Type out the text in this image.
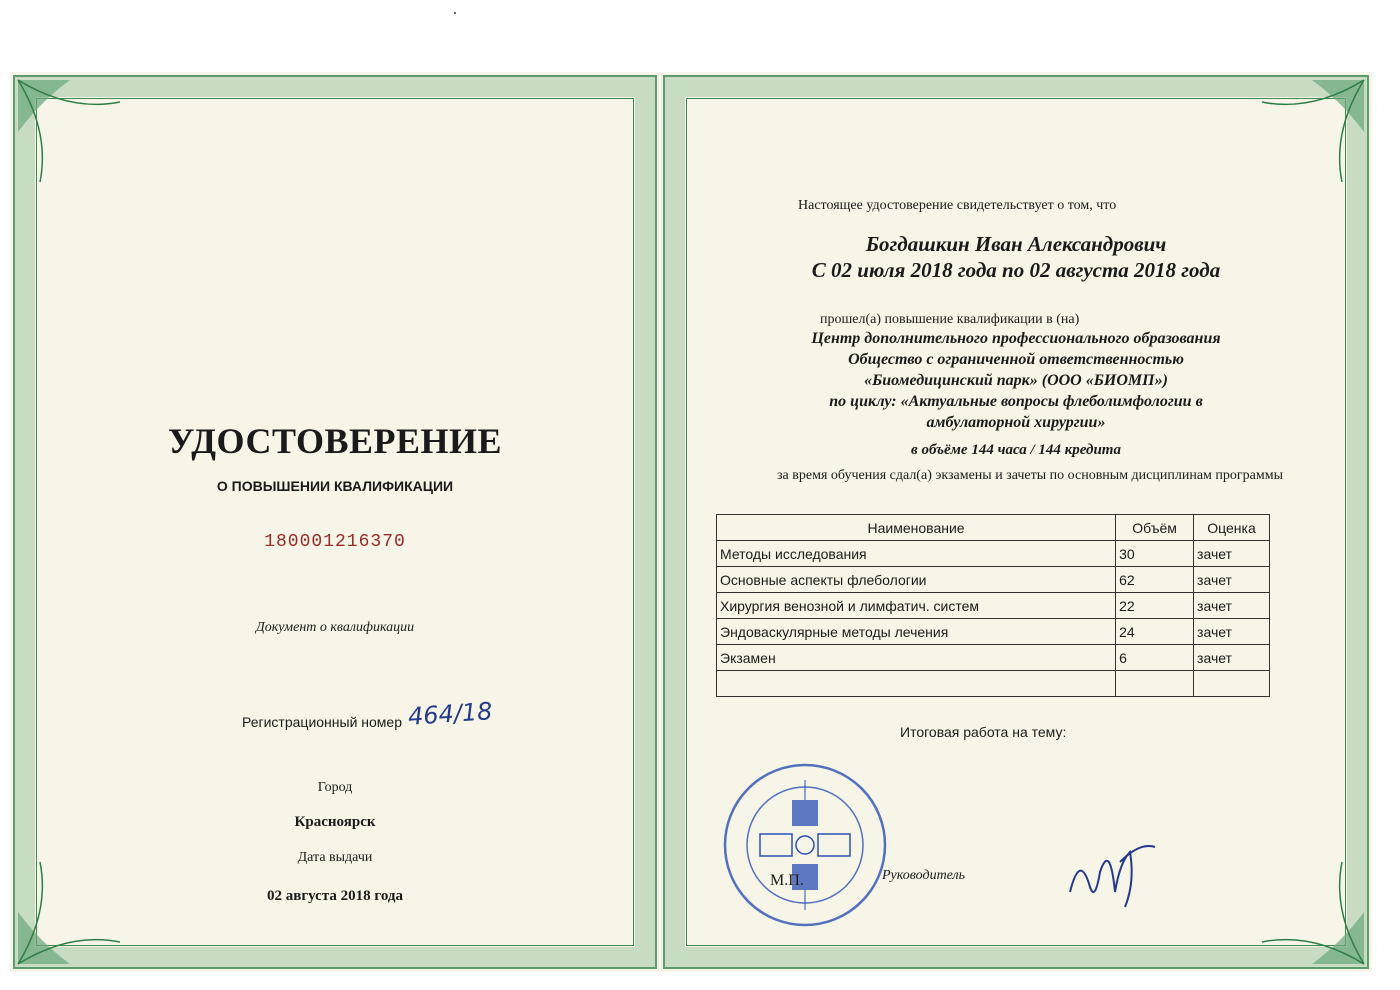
УДОСТОВЕРЕНИЕ
О ПОВЫШЕНИИ КВАЛИФИКАЦИИ
180001216370
Документ о квалификации
Регистрационный номер 464/18
Город
Красноярск
Дата выдачи
02 августа 2018 года
Настоящее удостоверение свидетельствует о том, что
Богдашкин Иван Александрович
С 02 июля 2018 года по 02 августа 2018 года
прошел(а) повышение квалификации в (на)
Центр дополнительного профессионального образования
Общество с ограниченной ответственностью
«Биомедицинский парк» (ООО «БИОМП»)
по циклу: «Актуальные вопросы флеболимфологии в
амбулаторной хирургии»
в объёме 144 часа / 144 кредита
за время обучения сдал(а) экзамены и зачеты по основным дисциплинам программы
Наименование	Объём	Оценка
Методы исследования	30	зачет
Основные аспекты флебологии	62	зачет
Хирургия венозной и лимфатич. систем	22	зачет
Эндоваскулярные методы лечения	24	зачет
Экзамен	6	зачет

Итоговая работа на тему:
М.П.	Руководитель
